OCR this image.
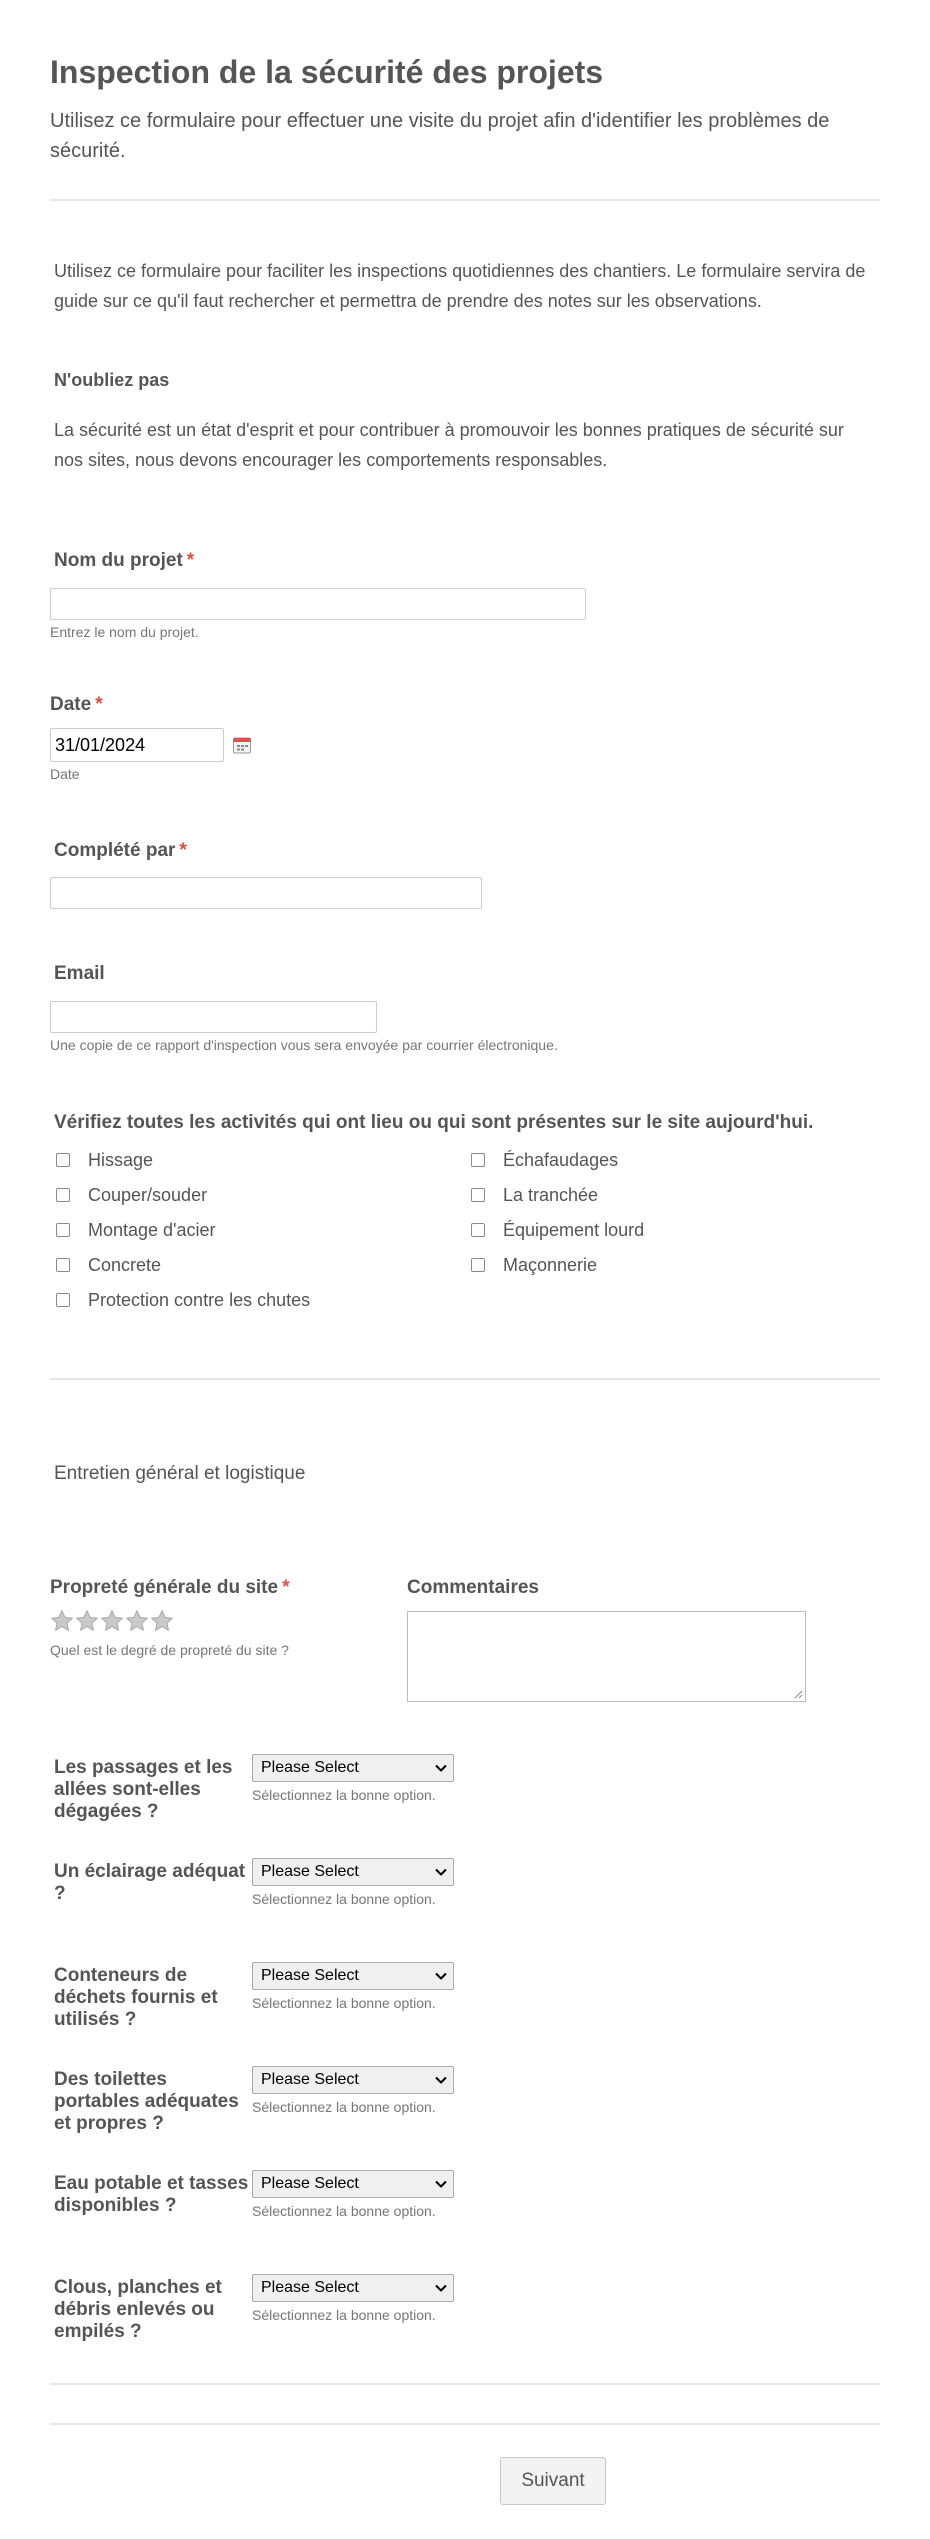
Inspection de la sécurité des projets
Utilisez ce formulaire pour effectuer une visite du projet afin d'identifier les problèmes de sécurité.
Utilisez ce formulaire pour faciliter les inspections quotidiennes des chantiers. Le formulaire servira de guide sur ce qu'il faut rechercher et permettra de prendre des notes sur les observations.
N'oubliez pas
La sécurité est un état d'esprit et pour contribuer à promouvoir les bonnes pratiques de sécurité sur nos sites, nous devons encourager les comportements responsables.
Nom du projet *
Entrez le nom du projet.
Date *
31/01/2024
Date
Complété par *
Email
Une copie de ce rapport d'inspection vous sera envoyée par courrier électronique.
Vérifiez toutes les activités qui ont lieu ou qui sont présentes sur le site aujourd'hui.
Hissage
Couper/souder
Montage d'acier
Concrete
Protection contre les chutes
Échafaudages
La tranchée
Équipement lourd
Maçonnerie
Entretien général et logistique
Propreté générale du site *
Quel est le degré de propreté du site ?
Commentaires
Les passages et les allées sont-elles dégagées ?
Please Select
Sélectionnez la bonne option.
Un éclairage adéquat ?
Please Select
Sélectionnez la bonne option.
Conteneurs de déchets fournis et utilisés ?
Please Select
Sélectionnez la bonne option.
Des toilettes portables adéquates et propres ?
Please Select
Sélectionnez la bonne option.
Eau potable et tasses disponibles ?
Please Select
Sélectionnez la bonne option.
Clous, planches et débris enlevés ou empilés ?
Please Select
Sélectionnez la bonne option.
Suivant
